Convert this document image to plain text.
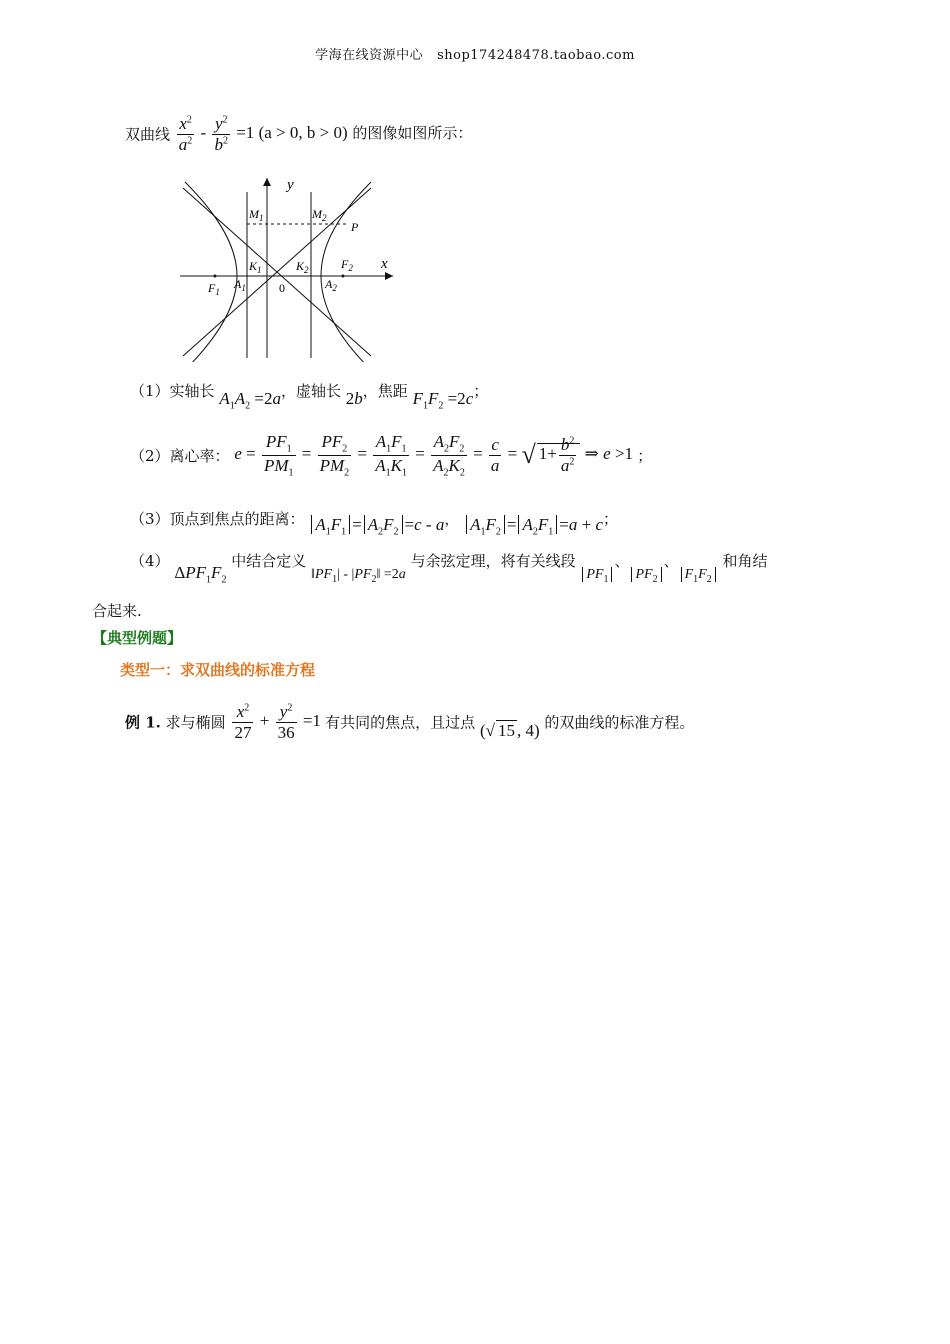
学海在线资源中心 shop174248478.taobao.com
双曲线 $\frac{x^2}{a^2} - \frac{y^2}{b^2} =1$ (a > 0, b > 0) 的图像如图所示：
y
x
0
$M_1$	$M_2$
P
$K_1$	$K_2$	$F_2$
$F_1$
$A_1$	$A_2$
（1）实轴长 $A_1A_2 =2a$，虚轴长 2b，焦距 $F_1F_2 =2c$；
（2）离心率： $e = \frac{PF_1}{PM_1} = \frac{PF_2}{PM_2} = \frac{A_1F_1}{A_1K_1} = \frac{A_2F_2}{A_2K_2} = \frac{c}{a}$ = √ $1+ \frac{b^2}{a^2}$ ⇒ e >1 ；
（3）顶点到焦点的距离： $A_1F_1 = A_2F_2 =c - a$， $A_1F_2 = A_2F_1 =a + c$；
（4） $\Delta PF_1F_2$ 中结合定义 $‖PF_1|$ - $|PF_2‖ =2a$ 与余弦定理，将有关线段 $PF_1$、$PF_2$、$F_1F_2$ 和角结
合起来.
【典型例题】
类型一：求双曲线的标准方程
例 1. 求与椭圆 $\frac{x^2}{27} + \frac{y^2}{36} =1$ 有共同的焦点，且过点 (√ 15 , 4) 的双曲线的标准方程。
